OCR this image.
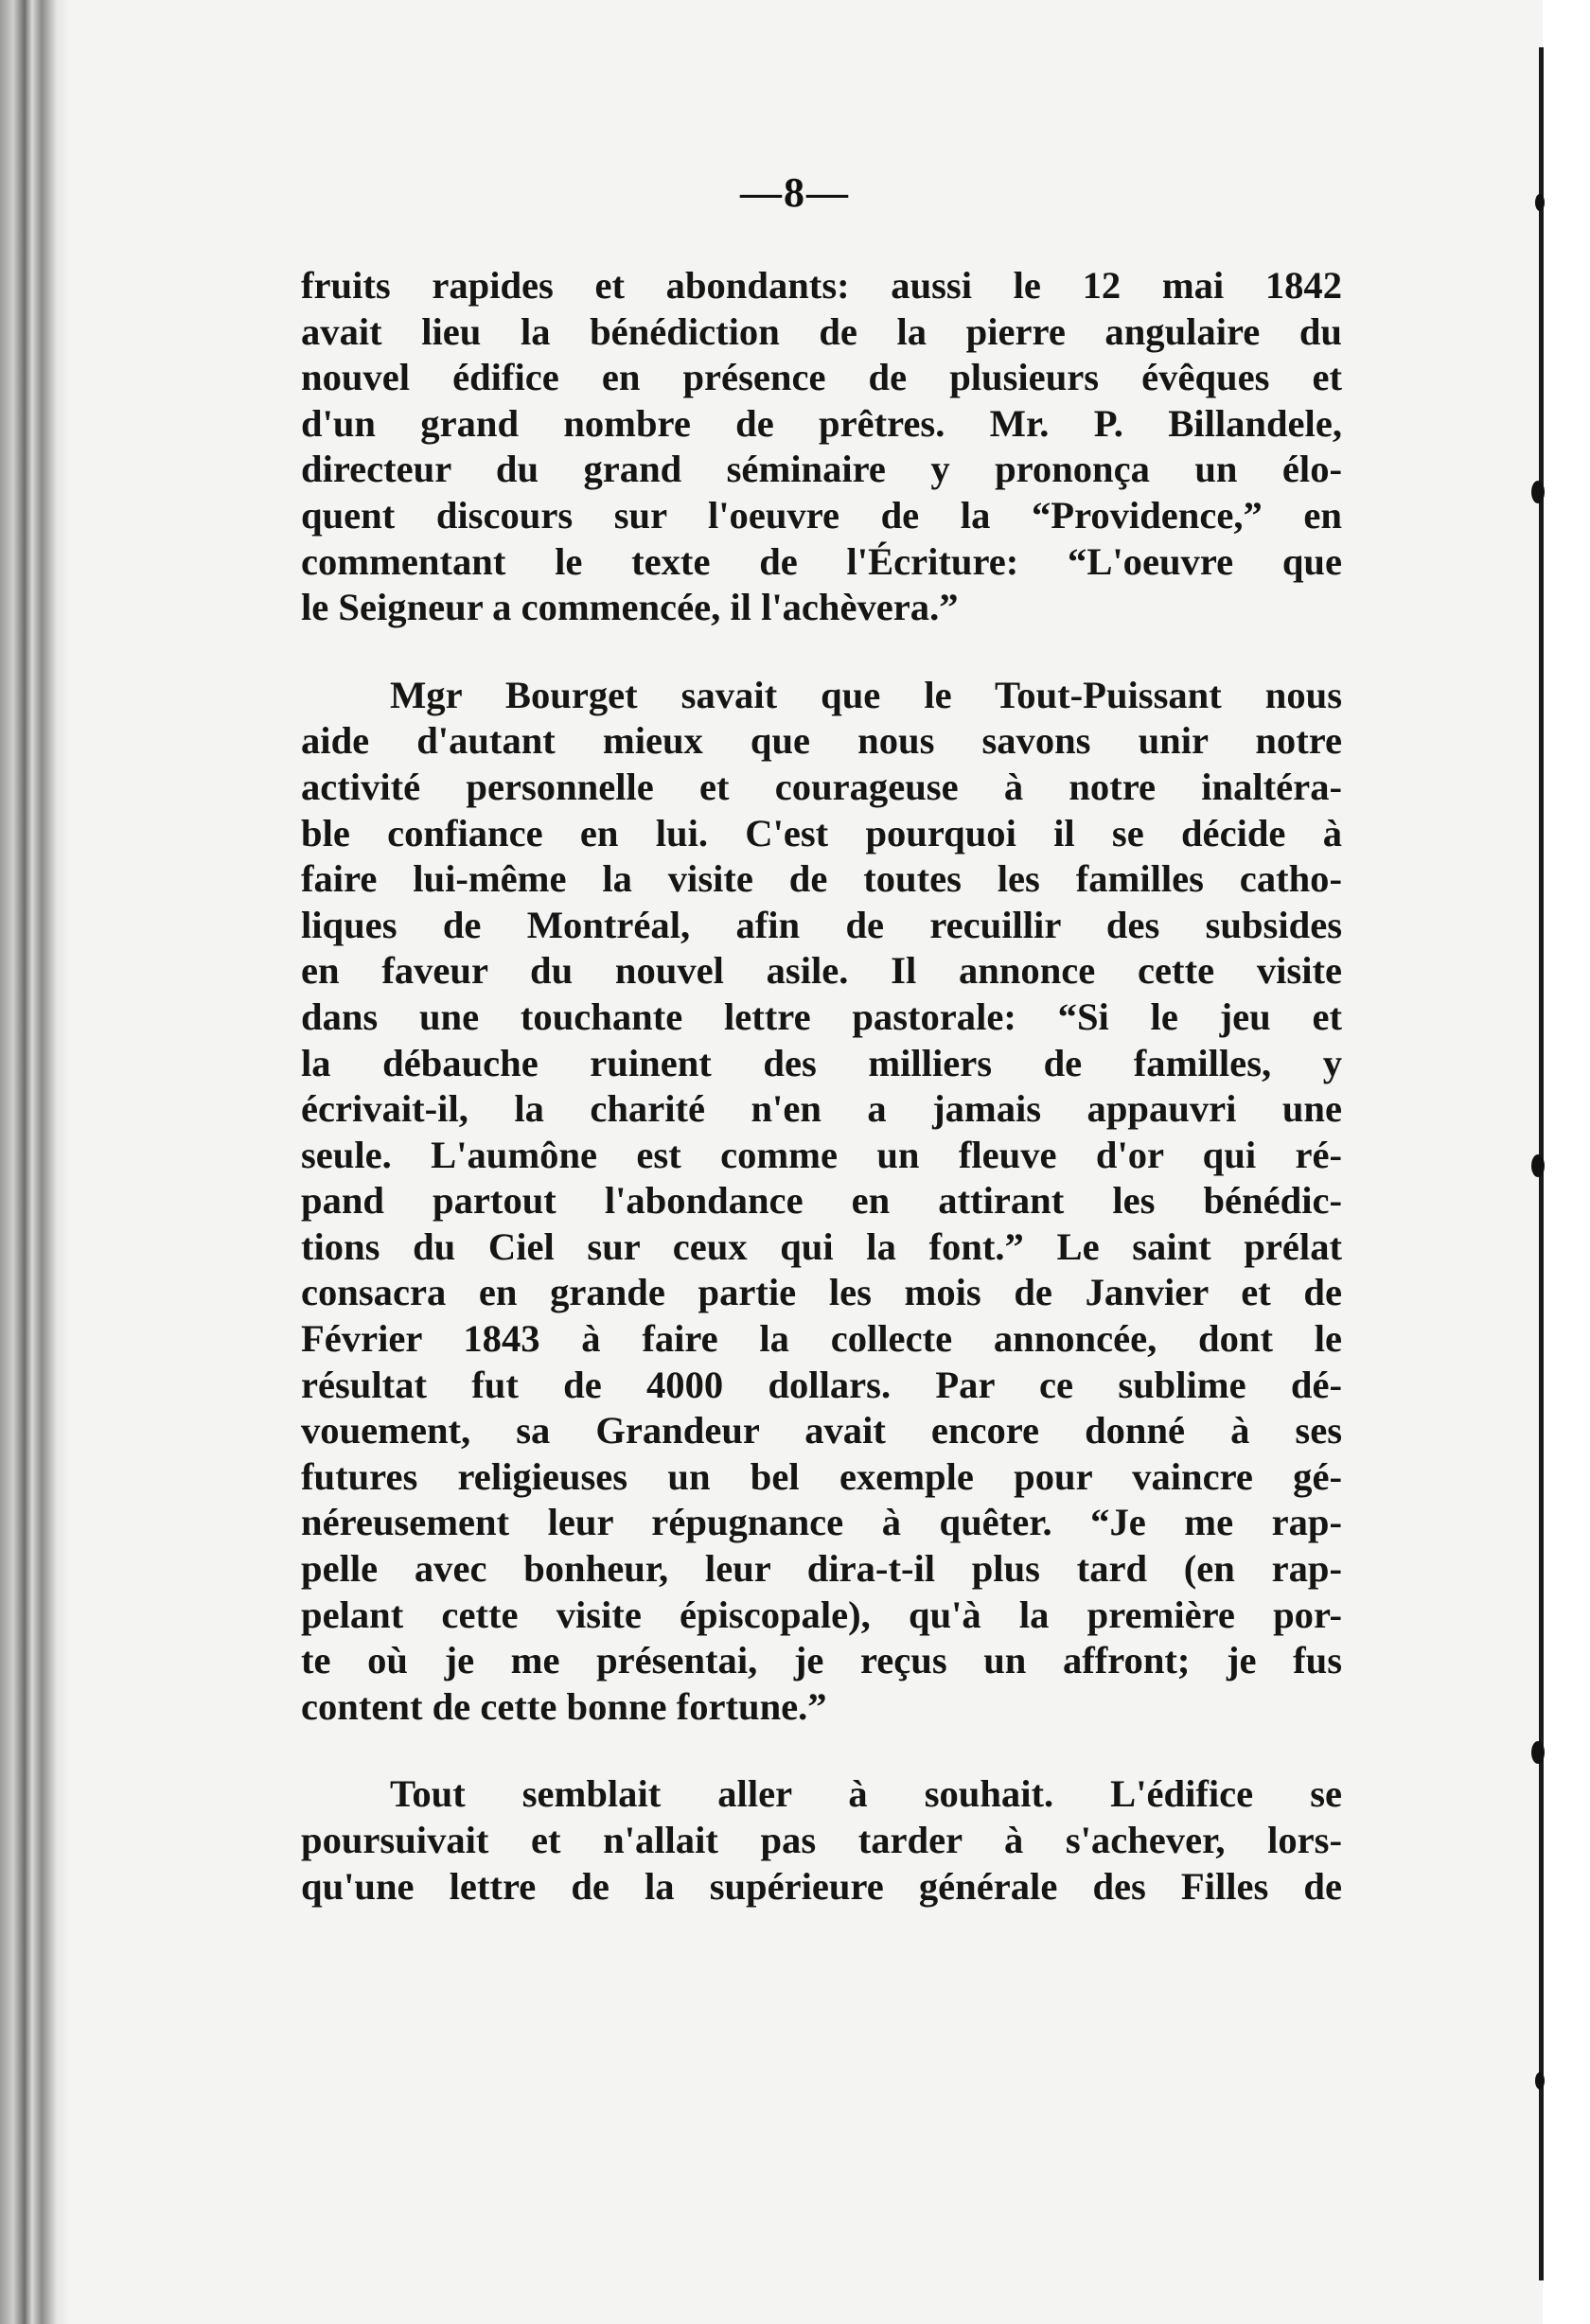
—8—
fruits rapides et abondants: aussi le 12 mai 1842
avait lieu la bénédiction de la pierre angulaire du
nouvel édifice en présence de plusieurs évêques et
d'un grand nombre de prêtres. Mr. P. Billandele,
directeur du grand séminaire y prononça un élo-
quent discours sur l'oeuvre de la “Providence,” en
commentant le texte de l'Écriture: “L'oeuvre que
le Seigneur a commencée, il l'achèvera.”
Mgr Bourget savait que le Tout-Puissant nous
aide d'autant mieux que nous savons unir notre
activité personnelle et courageuse à notre inaltéra-
ble confiance en lui. C'est pourquoi il se décide à
faire lui-même la visite de toutes les familles catho-
liques de Montréal, afin de recuillir des subsides
en faveur du nouvel asile. Il annonce cette visite
dans une touchante lettre pastorale: “Si le jeu et
la débauche ruinent des milliers de familles, y
écrivait-il, la charité n'en a jamais appauvri une
seule. L'aumône est comme un fleuve d'or qui ré-
pand partout l'abondance en attirant les bénédic-
tions du Ciel sur ceux qui la font.” Le saint prélat
consacra en grande partie les mois de Janvier et de
Février 1843 à faire la collecte annoncée, dont le
résultat fut de 4000 dollars. Par ce sublime dé-
vouement, sa Grandeur avait encore donné à ses
futures religieuses un bel exemple pour vaincre gé-
néreusement leur répugnance à quêter. “Je me rap-
pelle avec bonheur, leur dira-t-il plus tard (en rap-
pelant cette visite épiscopale), qu'à la première por-
te où je me présentai, je reçus un affront; je fus
content de cette bonne fortune.”
Tout semblait aller à souhait. L'édifice se
poursuivait et n'allait pas tarder à s'achever, lors-
qu'une lettre de la supérieure générale des Filles de
